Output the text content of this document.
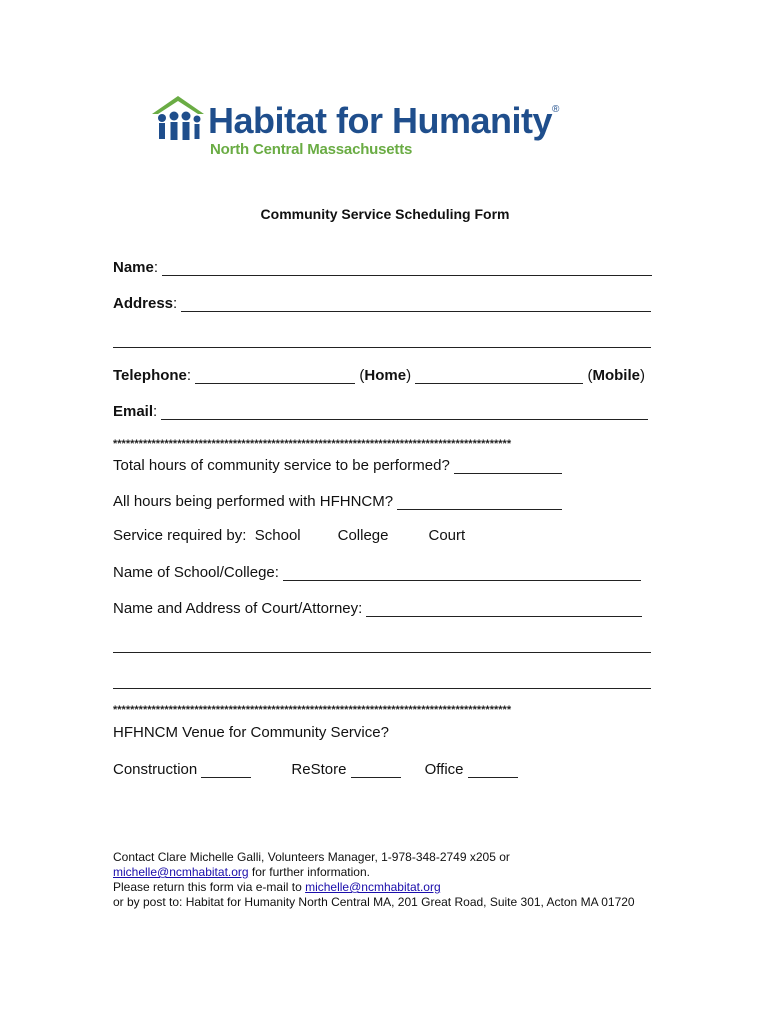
Habitat for Humanity®
North Central Massachusetts
Community Service Scheduling Form
Name:
Address:

Telephone:	(Home)	(Mobile)
Email:
*********************************************************************************************
Total hours of community service to be performed?
All hours being performed with HFHNCM?
Service required by: School College	Court
Name of School/College:
Name and Address of Court/Attorney:

*********************************************************************************************
HFHNCM Venue for Community Service?
Construction	ReStore	Office
Contact Clare Michelle Galli, Volunteers Manager, 1-978-348-2749 x205 or
michelle@ncmhabitat.org for further information.
Please return this form via e-mail to michelle@ncmhabitat.org
or by post to: Habitat for Humanity North Central MA, 201 Great Road, Suite 301, Acton MA 01720
